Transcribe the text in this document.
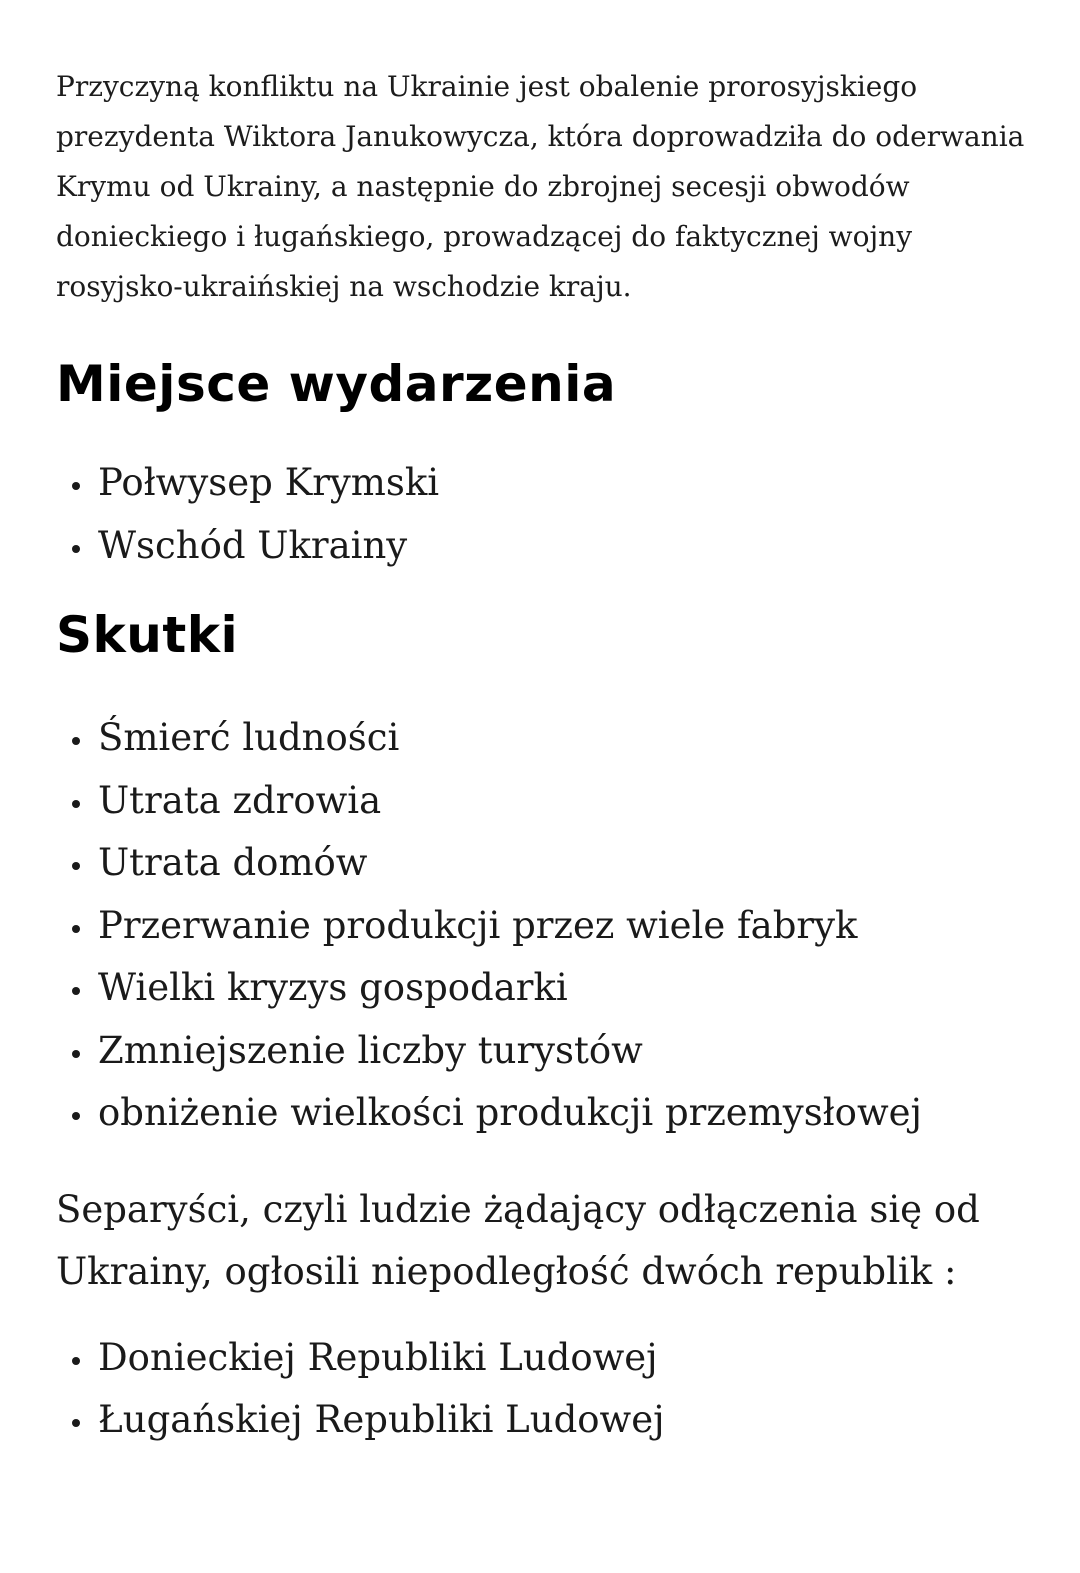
Przyczyną konfliktu na Ukrainie jest obalenie prorosyjskiego prezydenta Wiktora Janukowycza, która doprowadziła do oderwania Krymu od Ukrainy, a następnie do zbrojnej secesji obwodów donieckiego i ługańskiego, prowadzącej do faktycznej wojny rosyjsko-ukraińskiej na wschodzie kraju.

Miejsce wydarzenia
Połwysep Krymski
Wschód Ukrainy
Skutki
Śmierć ludności
Utrata zdrowia
Utrata domów
Przerwanie produkcji przez wiele fabryk
Wielki kryzys gospodarki
Zmniejszenie liczby turystów
obniżenie wielkości produkcji przemysłowej

Separyści, czyli ludzie żądający odłączenia się od Ukrainy, ogłosili niepodległość dwóch republik :

Donieckiej Republiki Ludowej
Ługańskiej Republiki Ludowej
